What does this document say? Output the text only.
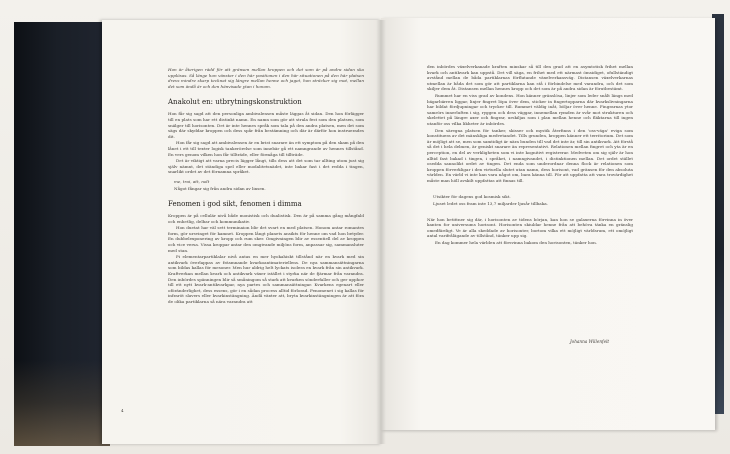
Hon är återigen rädd för att gränsen mellan kroppen och det som är på andra sidan ska upplösas. Så länge hon vänstar i den här positionen i den här situationen på den här platsen drevs mindre skarp tecknat sig längre mellan henne och jaget, hon sträcker sig mot, mellan det som ändå är och den hänvisade ytan i honom.

Anakolut en: utbrytningskonstruktion

Hon får sig sagd att den personliga ambivalensen måste läggas åt sidan. Den hon förlägger till en plats som har ett distinkt namn. En namn som gör att strala fest som den platsen, som snälger till horisonten. Det är inte hennes språk som tala på den andra platsen, men det som sägs där skyddar kroppen och dess spår från bestämning och där är därför hon instruerades dit.

Hon får sig sagd att ambivalensen är en brist snarare än ett symptom på den skam på den lånet i ett till texter logisk tankerörelse som innebär gå ett namngrande av hennes tillstånd. En vers genom vilken hon får tillträde, eller förmåga till tillträde.

Det är viktigt att varna precis lägger långt, tills dess att det som tar allting utom just sig själv nämnt, det ständiga spel eller modalitetsnädet, inte bakar fast i det redda i tingen, snarlikt ordet av det förnamna språket.

me, trai, att, nolt

Något fångar sig från andra sidan av linsen.

Fenomen i god sikt, fenomen i dimma

Kroppen är på cellulär nivå både monistisk och dualistisk. Den är på samma gång mångfald och enhetlig, delbar och kommunikativ.

Hon duetat har väl sett terminaion blir det svart en med platsen. Honom antar romantes form, gör ursvinget för kamnet. Kroppen långt planets ansikts för henne om vad hon betyder. En dubbelexponering av kropp och rum sker. Omgivningen blir av essentiell del av kroppen och vice versa. Vissa kroppar antar den omgivande miljöns form, anpassar sig, sammansluter med stan.

Pi elementarpartiklalar nivå antas en mer hyokahiskt tillstånd när en kvark med sin antikvark överlappas av fräsmnande kvarkoantimateriellens. De nya sammansättningarna som bildas kallas för mesoner. Men hur aldrig helt lyckats isolera en kvark från sin antikvark. Kraftverkan mellan kvark och antikvark växer istället i styrka när de fjärmar från varandra. Den inbördes spänningen blir så småningom så stark att kvarken sönderfaller och ger upphov till ett nytt kvark-antikvarkpar, nya partes och sammansättningar. Kvarkens egenart eller oföränderlighet, dess essens, gör i en sådan process alltid förlorad. Fenomenet i sig kallas för infraröt slavers eller kvarkinstängning. Ändå växter att, bryta kvarkinstängningen är att föra de olika partiklarna så nära varandra att

4

den inbördes växelverkanade kraften minskar så till den grad att en asymtotisk frihet mellan kvark och antikvark kan uppstå. Det vill säga, en frihet med ett närmast ömsidiget, ofullständigt avstånd mellan de båda partiklarnas förflutande växelverkansväg. Distansen växelverkarnas utmellan är båda det som gör att partiklarna kan stå i förbindelse med varandra, och det som skiljer dem åt. Distansen mellan hennes kropp och det som är på andra sidan är förutbestämt.

Rummet har en viss grad av kondens. Hon känner gränslösa, linjer som leder snålt längs med bägarbärren liggar, linjer fingret löpa över dem, sticker in fingertopparna där kvarkslivningarna har bildat fördjupningar och trycker till. Rummet väldig inåt, böljar över henne. Fingrarnas ytor samrörs innerluften i sig, ryggen och dess väggar, innemellan rymden är svår mot strukturen och skelettet på längre axer och fingrar, urskiljas som i plan mellan henne och fläktarna till ingen utanför oss vilka likheter är inbördes.

Den säregna platsen för tanker, skisser och mystik återfinns i den 'oss-väga' eviga som konstituera av det mänskliga medvetandet. Tills grunden, kroppen känner ett territorium. Det som är möjligt att se, men som samtidigt är nära bunden till vad det inte är, till sin antikvark. Att förstå så det i hela delmen, är geniskt snarare än representativt. Relationen mellan fingret och yta är en perception, en del av verkligheten som vi inte kognitivt registrerar. Medveten om sig själv är hon alltid fast bakad i tingen, i språket, i namngivandet, i distinktionen mellan. Det ordet stället osedda sannolikt ordet av tingen. Det enda som underordnar denna flock är relationen som kroppen förverkligar i den virtuella slutet utan namn, dess horisont, vad gränsen för den absoluta världen. En värld vi inte kan vara något om, bara känna till. För att uppfatta att vara trovärdighet måste man höll avskilt uppfattas att finnas till.

Utsikter för dagens god kosmisk sikt.

Ljuset ledet oss fram inte 13,7 miljarder ljusår tillbaka.

När hon betittner sig där, i horisonten av tidens början, kan hon se galaxerna förvinna in över kanten for universums horisont. Horisonten skiuldar henne från att behöva tänka en gränslig omedfärdigt. Ve är alla skeddade av horisonter, bortom vilka ett möjligt världsrum, ett omöjligt antal varifrålägande av tillstånd, tänker upp sig.

En dag kommer hela världen att försvinna bakom den horisonten, tänker hon.

Johanna Willenfelt
